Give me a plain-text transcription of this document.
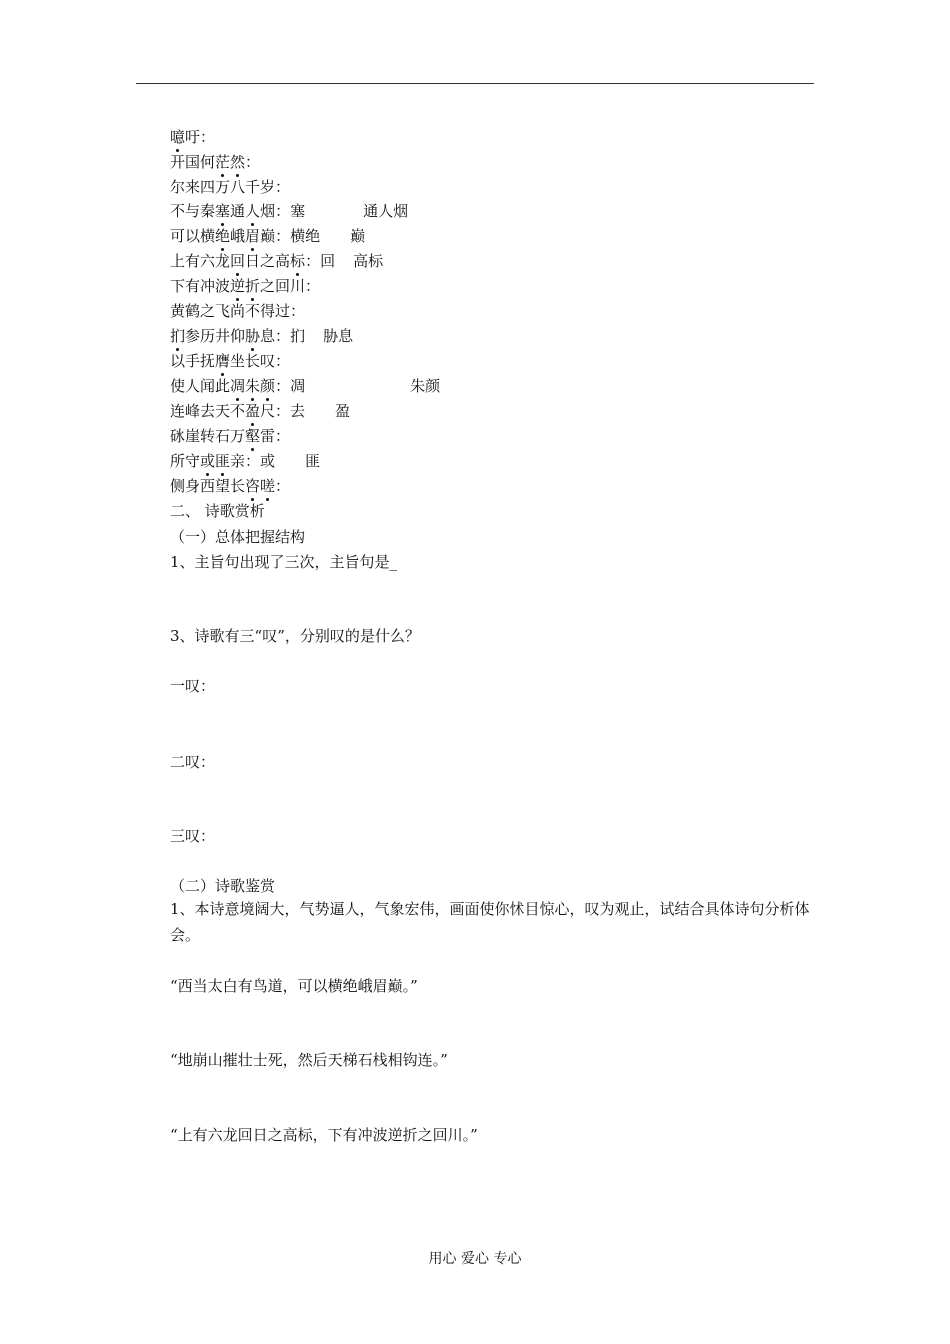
噫吁：
开国何茫然：
尔来四万八千岁：
不与秦塞通人烟：塞	通人烟
可以横绝峨眉巅：横绝 巅
上有六龙回日之高标：回 高标
下有冲波逆折之回川：
黄鹤之飞尚不得过：
扪参历井仰胁息：扪 胁息
以手抚膺坐长叹：
使人闻此凋朱颜：凋	朱颜
连峰去天不盈尺：去 盈
砯崖转石万壑雷：
所守或匪亲：或 匪
侧身西望长咨嗟：
二、 诗歌赏析
（一）总体把握结构
1、主旨句出现了三次，主旨句是_
3、诗歌有三“叹”，分别叹的是什么？
一叹：
二叹：
三叹：
（二）诗歌鉴赏
1、本诗意境阔大，气势逼人，气象宏伟，画面使你怵目惊心，叹为观止，试结合具体诗句分析体会。
“西当太白有鸟道，可以横绝峨眉巅。”
“地崩山摧壮士死，然后天梯石栈相钩连。”
“上有六龙回日之高标，下有冲波逆折之回川。”
用心 爱心 专心
